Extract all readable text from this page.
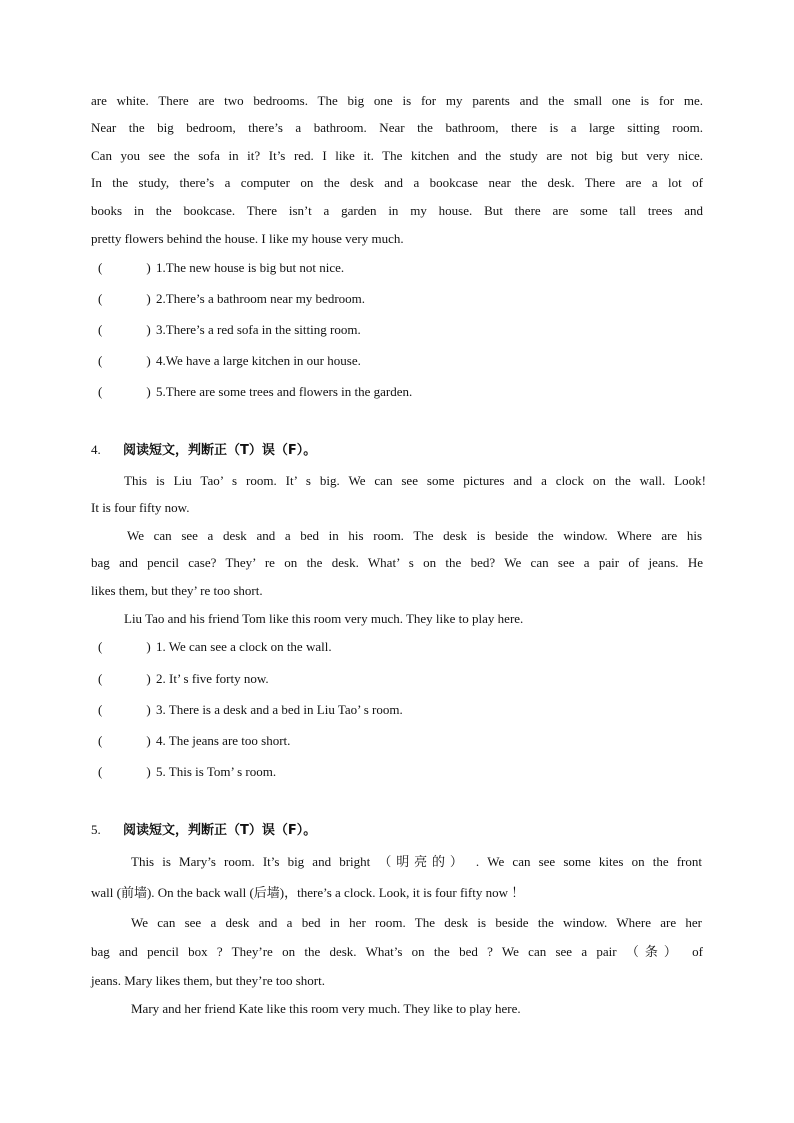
are white. There are two bedrooms. The big one is for my parents and the small one is for me.
Near the big bedroom, there’s a bathroom. Near the bathroom, there is a large sitting room.
Can you see the sofa in it? It’s red. I like it. The kitchen and the study are not big but very nice.
In the study, there’s a computer on the desk and a bookcase near the desk. There are a lot of
books in the bookcase. There isn’t a garden in my house. But there are some tall trees and
pretty flowers behind the house. I like my house very much.
(	) 1.The new house is big but not nice.
(	) 2.There’s a bathroom near my bedroom.
(	) 3.There’s a red sofa in the sitting room.
(	) 4.We have a large kitchen in our house.
(	) 5.There are some trees and flowers in the garden.
4. 阅读短文，判断正（T）误（F）。
This is Liu Tao’ s room. It’ s big. We can see some pictures and a clock on the wall. Look!
It is four fifty now.
We can see a desk and a bed in his room. The desk is beside the window. Where are his
bag and pencil case? They’ re on the desk. What’ s on the bed? We can see a pair of jeans. He
likes them, but they’ re too short.
Liu Tao and his friend Tom like this room very much. They like to play here.
(	) 1. We can see a clock on the wall.
(	) 2. It’ s five forty now.
(	) 3. There is a desk and a bed in Liu Tao’ s room.
(	) 4. The jeans are too short.
(	) 5. This is Tom’ s room.
5. 阅读短文，判断正（T）误（F）。
This is Mary’s room. It’s big and bright （明亮的） . We can see some kites on the front
wall (前墙). On the back wall (后墙)，there’s a clock. Look, it is four fifty now ！
We can see a desk and a bed in her room. The desk is beside the window. Where are her
bag and pencil box ? They’re on the desk. What’s on the bed ? We can see a pair （条） of
jeans. Mary likes them, but they’re too short.
Mary and her friend Kate like this room very much. They like to play here.
